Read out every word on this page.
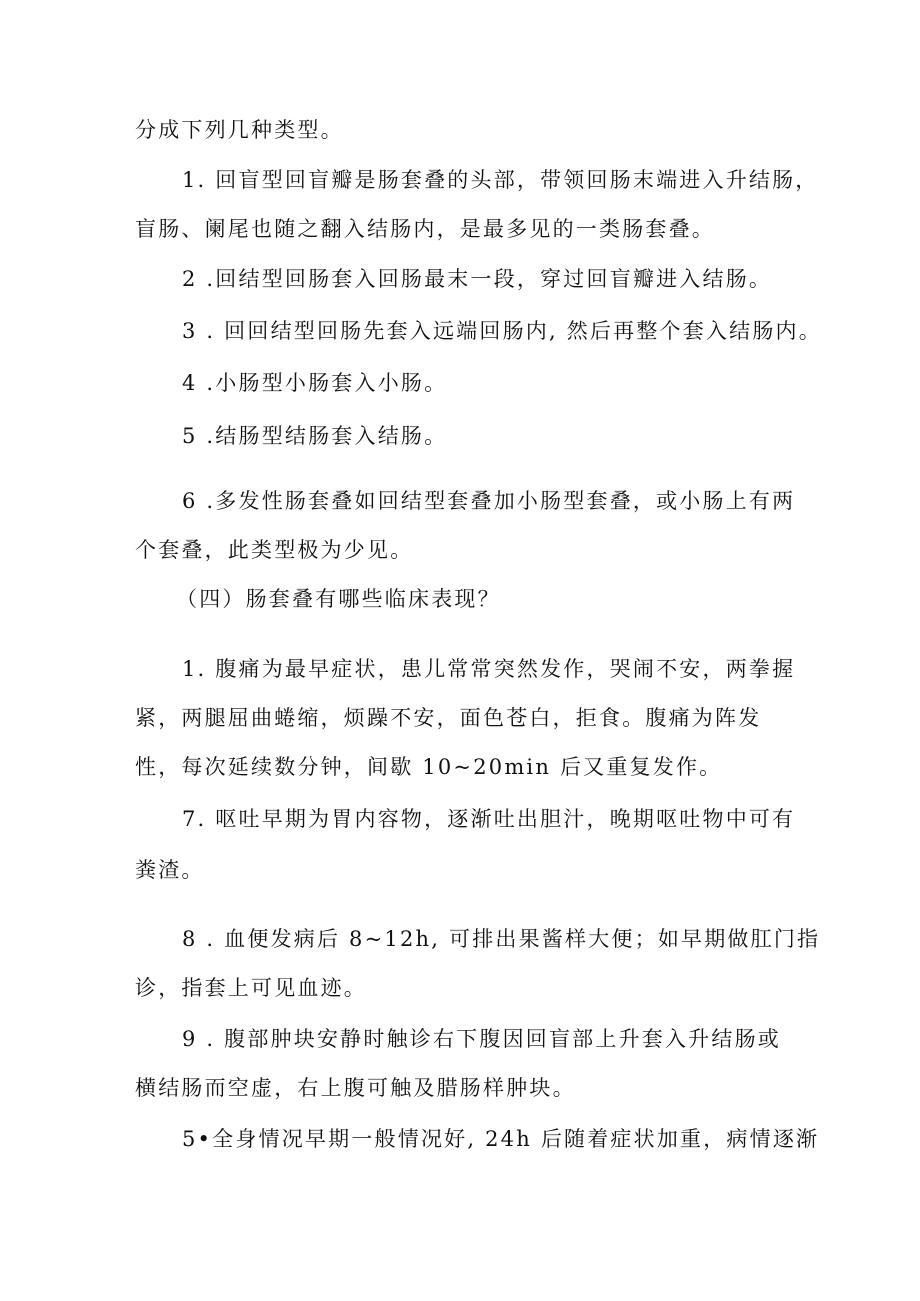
分成下列几种类型。
1. 回盲型回盲瓣是肠套叠的头部，带领回肠末端进入升结肠，
盲肠、阑尾也随之翻入结肠内，是最多见的一类肠套叠。
2 .回结型回肠套入回肠最末一段，穿过回盲瓣进入结肠。
3 . 回回结型回肠先套入远端回肠内, 然后再整个套入结肠内。
4 .小肠型小肠套入小肠。
5 .结肠型结肠套入结肠。
6 .多发性肠套叠如回结型套叠加小肠型套叠，或小肠上有两
个套叠，此类型极为少见。
（四）肠套叠有哪些临床表现？
1. 腹痛为最早症状，患儿常常突然发作，哭闹不安，两拳握
紧，两腿屈曲蜷缩，烦躁不安，面色苍白，拒食。腹痛为阵发
性，每次延续数分钟，间歇 10~20min 后又重复发作。
7. 呕吐早期为胃内容物，逐渐吐出胆汁，晚期呕吐物中可有
粪渣。
8 . 血便发病后 8~12h, 可排出果酱样大便；如早期做肛门指
诊，指套上可见血迹。
9 . 腹部肿块安静时触诊右下腹因回盲部上升套入升结肠或
横结肠而空虚，右上腹可触及腊肠样肿块。
5•全身情况早期一般情况好, 24h 后随着症状加重，病情逐渐
